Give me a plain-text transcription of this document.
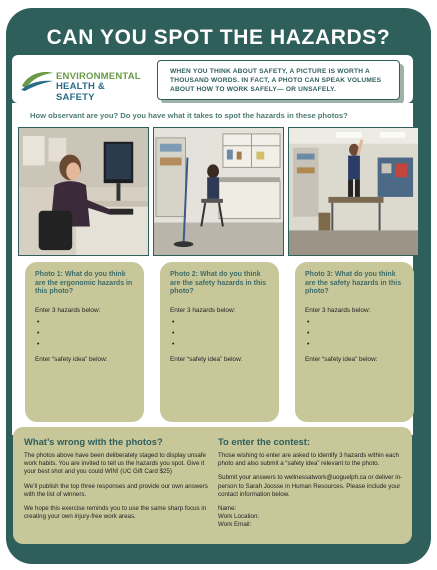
CAN YOU SPOT THE HAZARDS?
ENVIRONMENTAL
HEALTH & SAFETY
WHEN YOU THINK ABOUT SAFETY, A PICTURE IS WORTH A THOUSAND WORDS. IN FACT, A PHOTO CAN SPEAK VOLUMES ABOUT HOW TO WORK SAFELY— OR UNSAFELY.
How observant are you? Do you have what it takes to spot the hazards in these photos?
Photo 1: What do you think are the ergonomic hazards in this photo?
Enter 3 hazards below:
•
•
•
Enter “safety idea” below:
Photo 2: What do you think are the safety hazards in this photo?
Enter 3 hazards below:
•
•
•
Enter “safety idea” below:
Photo 3: What do you think are the safety hazards in this photo?
Enter 3 hazards below:
•
•
•
Enter “safety idea” below:
What’s wrong with the photos?

The photos above have been deliberately staged to display unsafe work habits. You are invited to tell us the hazards you spot. Give it your best shot and you could WIN! (UC Gift Card $25)

We’ll publish the top three responses and provide our own answers with the list of winners.

We hope this exercise reminds you to use the same sharp focus in creating your own injury-free work areas.

To enter the contest:

Those wishing to enter are asked to identify 3 hazards within each photo and also submit a “safety idea” relevant to the photo.

Submit your answers to wellnessatwork@uoguelph.ca or deliver in-person to Sarah Joosse in Human Resources. Please include your contact information below.

Name:

Work Location:

Work Email:
